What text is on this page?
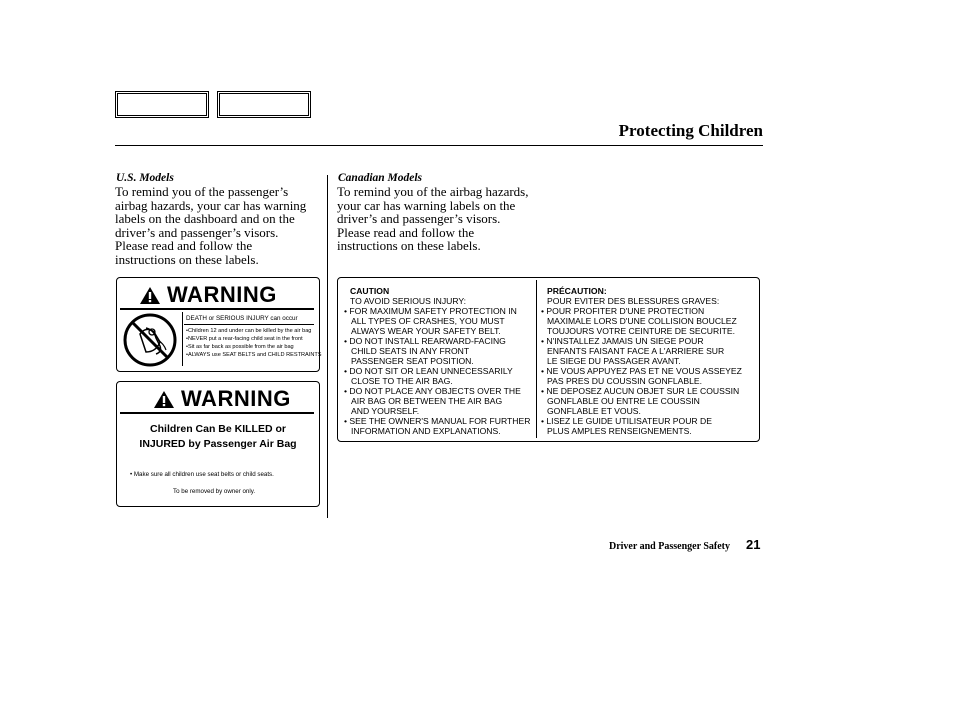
Protecting Children
U.S. Models
To remind you of the passenger’s
airbag hazards, your car has warning
labels on the dashboard and on the
driver’s and passenger’s visors.
Please read and follow the
instructions on these labels.
WARNING
DEATH or SERIOUS INJURY can occur
•Children 12 and under can be killed by the air bag
•NEVER put a rear-facing child seat in the front
•Sit as far back as possible from the air bag
•ALWAYS use SEAT BELTS and CHILD RESTRAINTS
WARNING
Children Can Be KILLED or
INJURED by Passenger Air Bag
• Make sure all children use seat belts or child seats.
To be removed by owner only.
Canadian Models
To remind you of the airbag hazards,
your car has warning labels on the
driver’s and passenger’s visors.
Please read and follow the
instructions on these labels.
CAUTION
TO AVOID SERIOUS INJURY:
• FOR MAXIMUM SAFETY PROTECTION IN
ALL TYPES OF CRASHES, YOU MUST
ALWAYS WEAR YOUR SAFETY BELT.
• DO NOT INSTALL REARWARD-FACING
CHILD SEATS IN ANY FRONT
PASSENGER SEAT POSITION.
• DO NOT SIT OR LEAN UNNECESSARILY
CLOSE TO THE AIR BAG.
• DO NOT PLACE ANY OBJECTS OVER THE
AIR BAG OR BETWEEN THE AIR BAG
AND YOURSELF.
• SEE THE OWNER'S MANUAL FOR FURTHER
INFORMATION AND EXPLANATIONS.
PRÉCAUTION:
POUR EVITER DES BLESSURES GRAVES:
• POUR PROFITER D'UNE PROTECTION
MAXIMALE LORS D'UNE COLLISION BOUCLEZ
TOUJOURS VOTRE CEINTURE DE SECURITE.
• N'INSTALLEZ JAMAIS UN SIEGE POUR
ENFANTS FAISANT FACE A L'ARRIERE SUR
LE SIEGE DU PASSAGER AVANT.
• NE VOUS APPUYEZ PAS ET NE VOUS ASSEYEZ
PAS PRES DU COUSSIN GONFLABLE.
• NE DEPOSEZ AUCUN OBJET SUR LE COUSSIN
GONFLABLE OU ENTRE LE COUSSIN
GONFLABLE ET VOUS.
• LISEZ LE GUIDE UTILISATEUR POUR DE
PLUS AMPLES RENSEIGNEMENTS.
Driver and Passenger Safety 21
